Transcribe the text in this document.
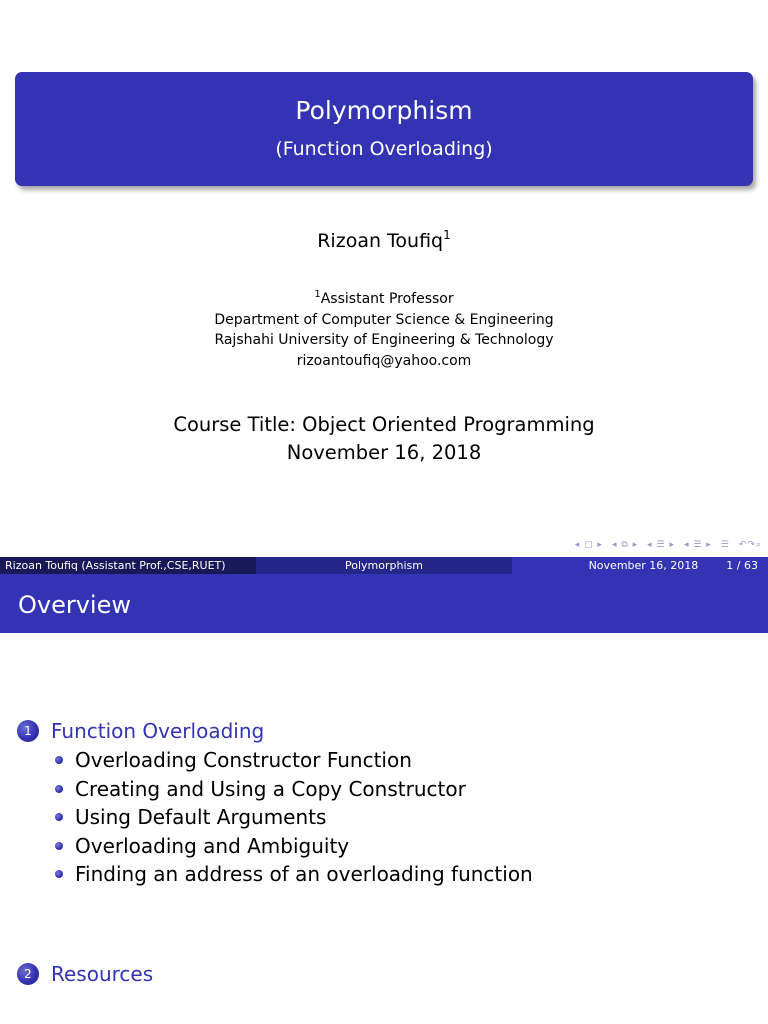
Polymorphism
(Function Overloading)
Rizoan Toufiq$^1$
$^1$Assistant Professor
Department of Computer Science & Engineering
Rajshahi University of Engineering & Technology
rizoantoufiq@yahoo.com
Course Title: Object Oriented Programming
November 16, 2018
◂ ▢ ▸ ◂ ⧉ ▸ ◂ ☰ ▸ ◂ ☰ ▸ ☰ ↶↷⌕
Rizoan Toufiq (Assistant Prof.,CSE,RUET)	Polymorphism	November 16, 2018	1 / 63
Overview
1 Function Overloading
Overloading Constructor Function
Creating and Using a Copy Constructor
Using Default Arguments
Overloading and Ambiguity
Finding an address of an overloading function
2 Resources
